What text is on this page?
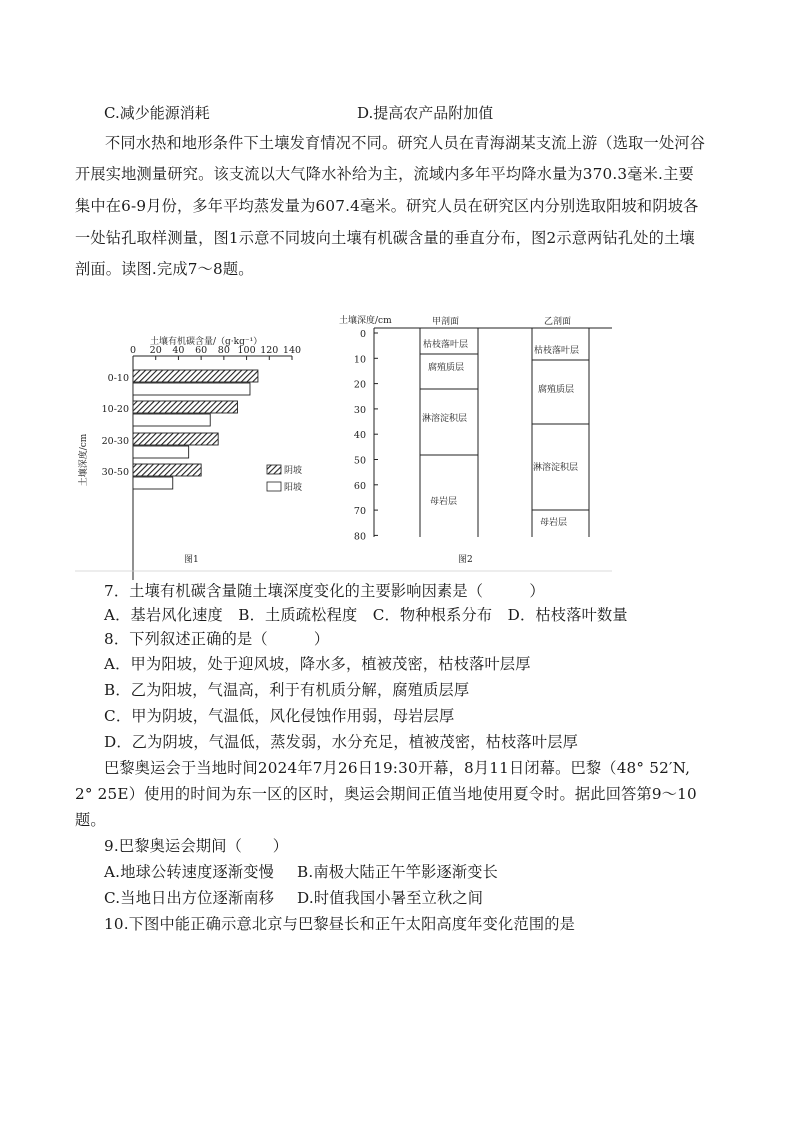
C.减少能源消耗	D.提高农产品附加值
不同水热和地形条件下土壤发育情况不同。研究人员在青海湖某支流上游（选取一处河谷
开展实地测量研究。该支流以大气降水补给为主，流域内多年平均降水量为370.3毫米.主要
集中在6-9月份，多年平均蒸发量为607.4毫米。研究人员在研究区内分别选取阳坡和阴坡各
一处钻孔取样测量，图1示意不同坡向土壤有机碳含量的垂直分布，图2示意两钻孔处的土壤
剖面。读图.完成7～8题。
土壤有机碳含量/（g·kg⁻¹）
0 20 40 60 80 100 120 140
土壤深度/cm
0-10
10-20
20-30
30-50	阴坡
阳坡
图1
土壤深度/cm
0
10
20
30
40
50
60
70
80
甲剖面	乙剖面
枯枝落叶层
腐殖质层
淋溶淀积层
母岩层
枯枝落叶层
腐殖质层
淋溶淀积层
母岩层
图2
7．土壤有机碳含量随土壤深度变化的主要影响因素是（　　　）
A．基岩风化速度　B．土质疏松程度　C．物种根系分布　D．枯枝落叶数量
8．下列叙述正确的是（　　　）
A．甲为阳坡，处于迎风坡，降水多，植被茂密，枯枝落叶层厚
B．乙为阳坡，气温高，利于有机质分解，腐殖质层厚
C．甲为阴坡，气温低，风化侵蚀作用弱，母岩层厚
D．乙为阴坡，气温低，蒸发弱，水分充足，植被茂密，枯枝落叶层厚
巴黎奥运会于当地时间2024年7月26日19:30开幕，8月11日闭幕。巴黎（48° 52′N,
2° 25E）使用的时间为东一区的区时，奥运会期间正值当地使用夏令时。据此回答第9～10
题。
9.巴黎奥运会期间（　　）
A.地球公转速度逐渐变慢 B.南极大陆正午竿影逐渐变长
C.当地日出方位逐渐南移 D.时值我国小暑至立秋之间
10.下图中能正确示意北京与巴黎昼长和正午太阳高度年变化范围的是
